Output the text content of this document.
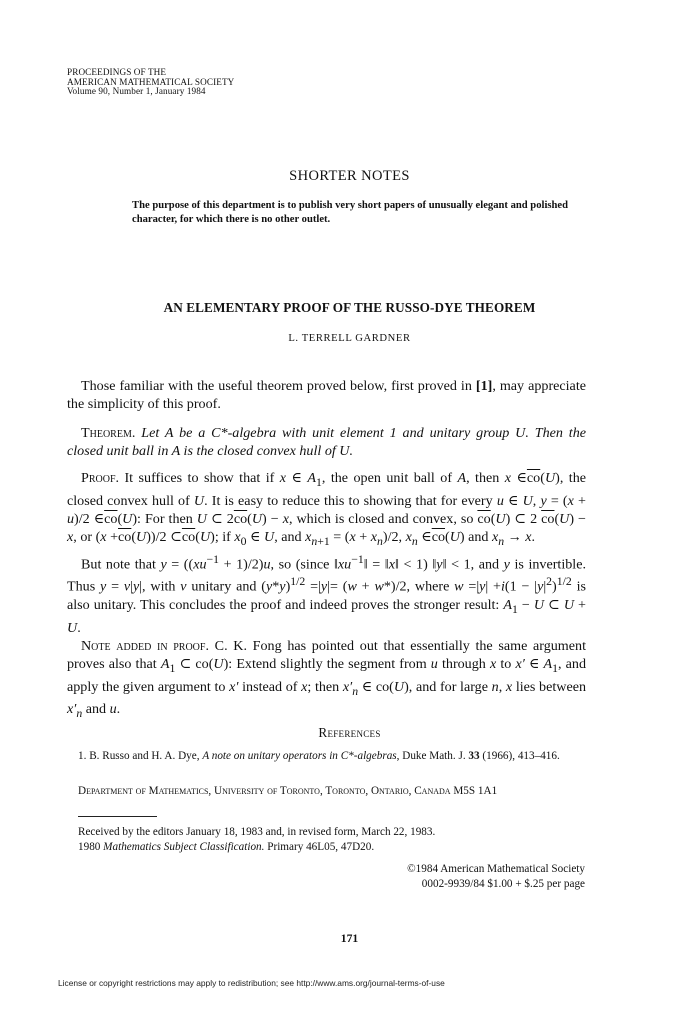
PROCEEDINGS OF THE
AMERICAN MATHEMATICAL SOCIETY
Volume 90, Number 1, January 1984
SHORTER NOTES
The purpose of this department is to publish very short papers of unusually elegant and polished character, for which there is no other outlet.
AN ELEMENTARY PROOF OF THE RUSSO-DYE THEOREM
L. TERRELL GARDNER

Those familiar with the useful theorem proved below, first proved in [1], may appreciate the simplicity of this proof.

Theorem. Let A be a C*-algebra with unit element 1 and unitary group U. Then the closed unit ball in A is the closed convex hull of U.

Proof. It suffices to show that if x ∈ $A_1$, the open unit ball of A, then x $\in\overline{co}(U)$, the closed convex hull of U. It is easy to reduce this to showing that for every u ∈ U, y = (x + u)/2 $\in\overline{co}(U)$: For then U ⊂ $2\overline{co}(U) - x$, which is closed and convex, so $\overline{co}(U)$ ⊂ 2 $\overline{co}(U) - x$, or $(x +\overline{co}(U))/2$ $\subset\overline{co}(U)$; if $x_0$ ∈ U, and $x_{n+1} = (x + x_n)/2$, $x_n$ $\in\overline{co}(U)$ and $x_n \to x$.

But note that $y = ((xu^{-1} + 1)/2)u$, so (since $‖xu^{-1}‖$ = ‖x‖ < 1) ‖y‖ < 1, and y is invertible. Thus y = v|y|, with v unitary and $(y*y)^{1/2} =|y|= (w + w*)/2$, where $w =|y| +i(1 - |y|^2)^{1/2}$ is also unitary. This concludes the proof and indeed proves the stronger result: $A_1 - U$ ⊂ U + U.

Note added in proof. C. K. Fong has pointed out that essentially the same argument proves also that $A_1$ ⊂ co(U): Extend slightly the segment from u through x to x′ ∈ $A_1$, and apply the given argument to x′ instead of x; then $x'_n$ ∈ co(U), and for large n, x lies between $x'_n$ and u.

References
1. B. Russo and H. A. Dye, A note on unitary operators in C*-algebras, Duke Math. J. 33 (1966), 413–416.
Department of Mathematics, University of Toronto, Toronto, Ontario, Canada M5S 1A1
Received by the editors January 18, 1983 and, in revised form, March 22, 1983.
1980 Mathematics Subject Classification. Primary 46L05, 47D20.
©1984 American Mathematical Society
0002-9939/84 $1.00 + $.25 per page
171
License or copyright restrictions may apply to redistribution; see http://www.ams.org/journal-terms-of-use
